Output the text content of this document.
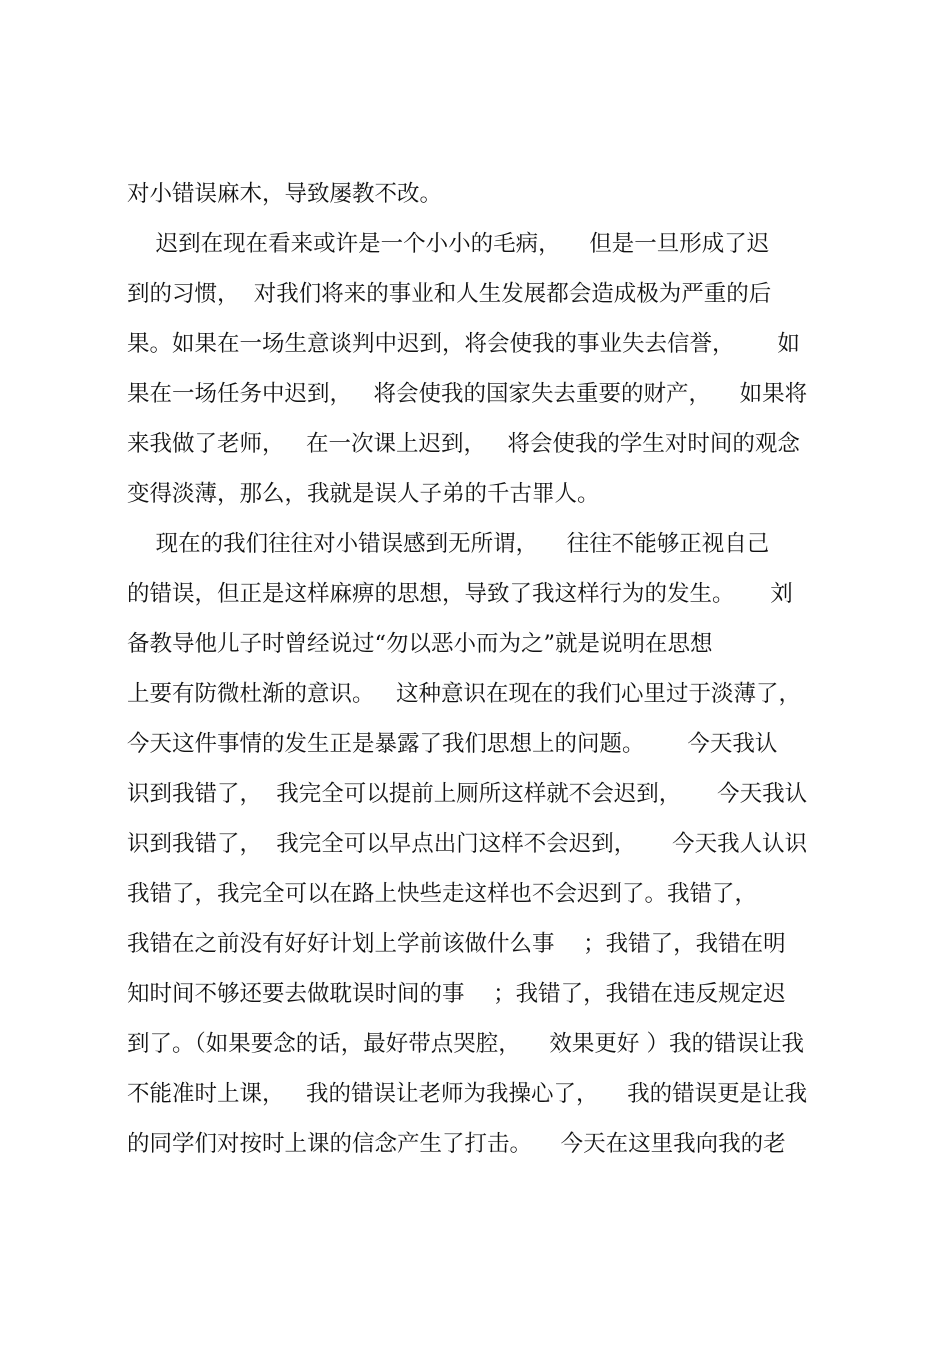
对小错误麻木，导致屡教不改。
迟到在现在看来或许是一个小小的毛病，    但是一旦形成了迟
到的习惯，  对我们将来的事业和人生发展都会造成极为严重的后
果。如果在一场生意谈判中迟到，将会使我的事业失去信誉，      如
果在一场任务中迟到，   将会使我的国家失去重要的财产，    如果将
来我做了老师，   在一次课上迟到，   将会使我的学生对时间的观念
变得淡薄，那么，我就是误人子弟的千古罪人。
现在的我们往往对小错误感到无所谓，    往往不能够正视自己
的错误，但正是这样麻痹的思想，导致了我这样行为的发生。     刘
备教导他儿子时曾经说过“勿以恶小而为之”就是说明在思想
上要有防微杜渐的意识。   这种意识在现在的我们心里过于淡薄了，
今天这件事情的发生正是暴露了我们思想上的问题。      今天我认
识到我错了，  我完全可以提前上厕所这样就不会迟到，     今天我认
识到我错了，  我完全可以早点出门这样不会迟到，     今天我人认识
我错了，我完全可以在路上快些走这样也不会迟到了。我错了，
我错在之前没有好好计划上学前该做什么事    ；我错了，我错在明
知时间不够还要去做耽误时间的事    ；我错了，我错在违反规定迟
到了。（如果要念的话，最好带点哭腔，    效果更好 ）我的错误让我
不能准时上课，   我的错误让老师为我操心了，    我的错误更是让我
的同学们对按时上课的信念产生了打击。    今天在这里我向我的老
